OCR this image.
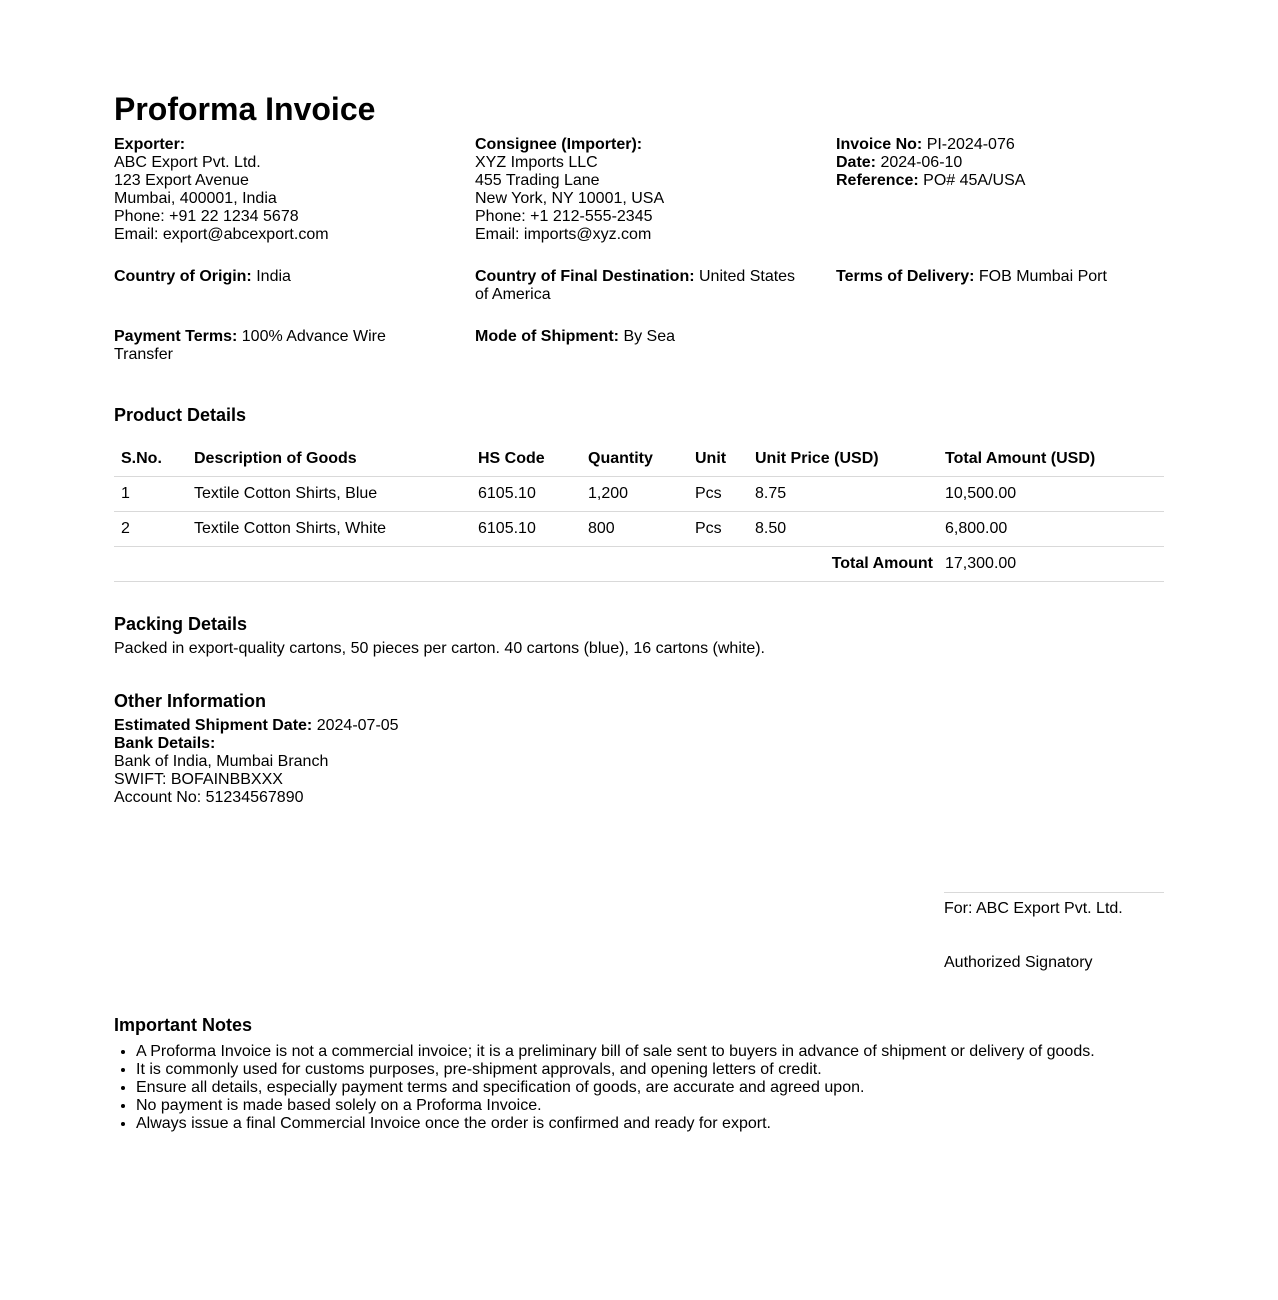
Proforma Invoice
Exporter:
ABC Export Pvt. Ltd.
123 Export Avenue
Mumbai, 400001, India
Phone: +91 22 1234 5678
Email: export@abcexport.com
Consignee (Importer):
XYZ Imports LLC
455 Trading Lane
New York, NY 10001, USA
Phone: +1 212-555-2345
Email: imports@xyz.com
Invoice No: PI-2024-076
Date: 2024-06-10
Reference: PO# 45A/USA
Country of Origin: India	Country of Final Destination: United States of America
Terms of Delivery: FOB Mumbai Port
Payment Terms: 100% Advance Wire Transfer
Mode of Shipment: By Sea
Product Details
S.No.	Description of Goods	HS Code	Quantity	Unit	Unit Price (USD)	Total Amount (USD)
1	Textile Cotton Shirts, Blue	6105.10	1,200	Pcs	8.75	10,500.00
2	Textile Cotton Shirts, White	6105.10	800	Pcs	8.50	6,800.00
Total Amount						17,300.00
Packing Details
Packed in export-quality cartons, 50 pieces per carton. 40 cartons (blue), 16 cartons (white).
Other Information
Estimated Shipment Date: 2024-07-05
Bank Details:
Bank of India, Mumbai Branch
SWIFT: BOFAINBBXXX
Account No: 51234567890
For: ABC Export Pvt. Ltd.
Authorized Signatory
Important Notes
• A Proforma Invoice is not a commercial invoice; it is a preliminary bill of sale sent to buyers in advance of shipment or delivery of goods.
• It is commonly used for customs purposes, pre-shipment approvals, and opening letters of credit.
• Ensure all details, especially payment terms and specification of goods, are accurate and agreed upon.
• No payment is made based solely on a Proforma Invoice.
• Always issue a final Commercial Invoice once the order is confirmed and ready for export.
